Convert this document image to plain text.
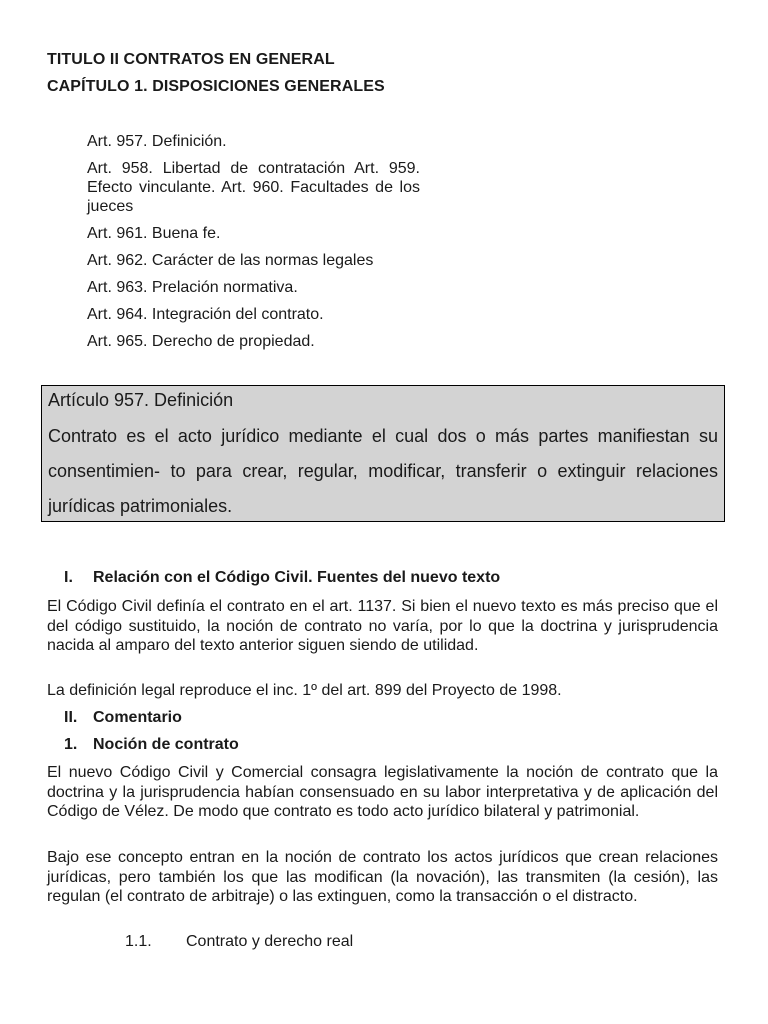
TITULO II CONTRATOS EN GENERAL
CAPÍTULO 1. DISPOSICIONES GENERALES

Art. 957. Definición.

Art. 958. Libertad de contratación Art. 959. Efecto vinculante. Art. 960. Facultades de los jueces

Art. 961. Buena fe.

Art. 962. Carácter de las normas legales

Art. 963. Prelación normativa.

Art. 964. Integración del contrato.

Art. 965. Derecho de propiedad.

Artículo 957. Definición

Contrato es el acto jurídico mediante el cual dos o más partes manifiestan su consentimien- to para crear, regular, modificar, transferir o extinguir relaciones jurídicas patrimoniales.

I. Relación con el Código Civil. Fuentes del nuevo texto

El Código Civil definía el contrato en el art. 1137. Si bien el nuevo texto es más preciso que el del código sustituido, la noción de contrato no varía, por lo que la doctrina y jurisprudencia nacida al amparo del texto anterior siguen siendo de utilidad.

La definición legal reproduce el inc. 1º del art. 899 del Proyecto de 1998.

II. Comentario
1. Noción de contrato

El nuevo Código Civil y Comercial consagra legislativamente la noción de contrato que la doctrina y la jurisprudencia habían consensuado en su labor interpretativa y de aplicación del Código de Vélez. De modo que contrato es todo acto jurídico bilateral y patrimonial.

Bajo ese concepto entran en la noción de contrato los actos jurídicos que crean relaciones jurídicas, pero también los que las modifican (la novación), las transmiten (la cesión), las regulan (el contrato de arbitraje) o las extinguen, como la transacción o el distracto.

1.1. Contrato y derecho real
